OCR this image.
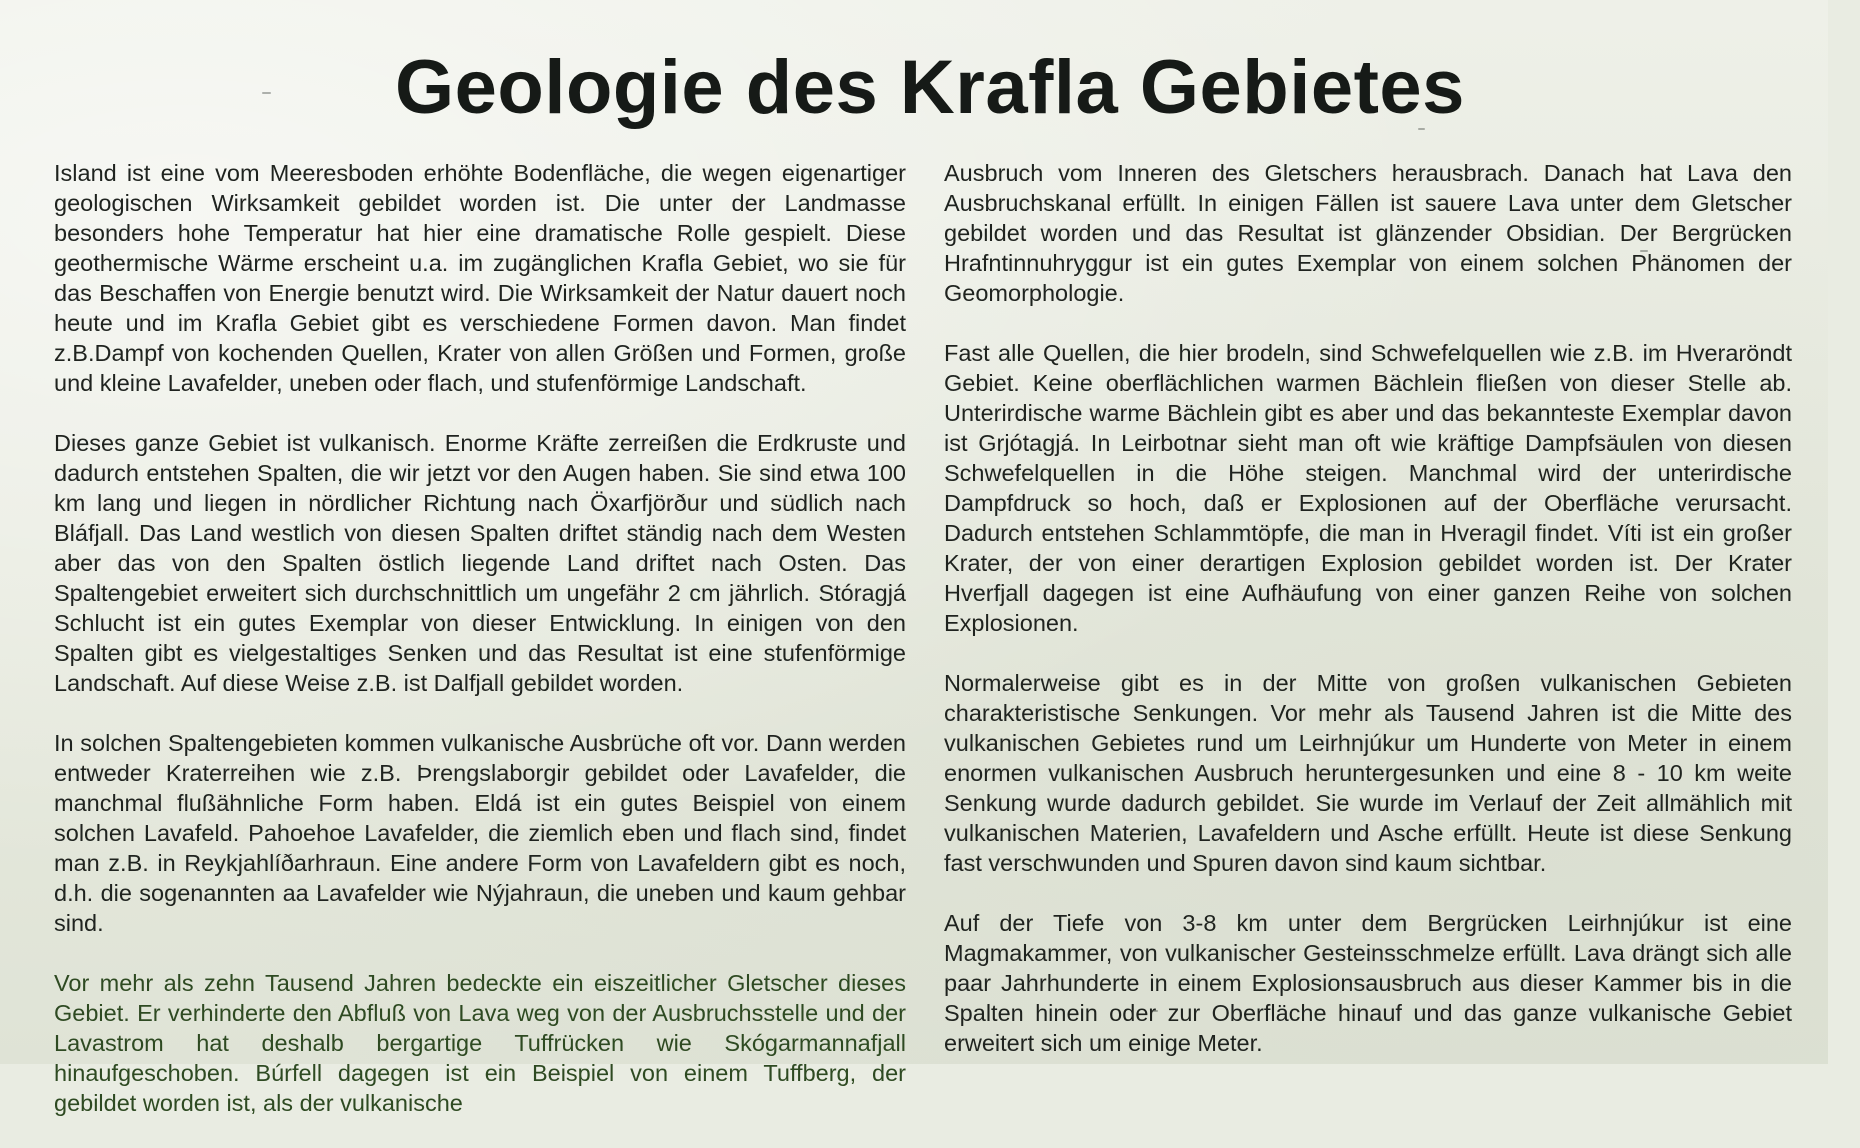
Geologie des Krafla Gebietes

Island ist eine vom Meeresboden erhöhte Bodenfläche, die wegen eigenartiger geologischen Wirksamkeit gebildet worden ist. Die unter der Landmasse besonders hohe Temperatur hat hier eine dramatische Rolle gespielt. Diese geothermische Wärme erscheint u.a. im zugänglichen Krafla Gebiet, wo sie für das Beschaffen von Energie benutzt wird. Die Wirksamkeit der Natur dauert noch heute und im Krafla Gebiet gibt es verschiedene Formen davon. Man findet z.B.Dampf von kochenden Quellen, Krater von allen Größen und Formen, große und kleine Lavafelder, uneben oder flach, und stufenförmige Landschaft.

Dieses ganze Gebiet ist vulkanisch. Enorme Kräfte zerreißen die Erdkruste und dadurch entstehen Spalten, die wir jetzt vor den Augen haben. Sie sind etwa 100 km lang und liegen in nördlicher Richtung nach Öxarfjörður und südlich nach Bláfjall. Das Land westlich von diesen Spalten driftet ständig nach dem Westen aber das von den Spalten östlich liegende Land driftet nach Osten. Das Spaltengebiet erweitert sich durchschnittlich um ungefähr 2 cm jährlich. Stóragjá Schlucht ist ein gutes Exemplar von dieser Entwicklung. In einigen von den Spalten gibt es vielgestaltiges Senken und das Resultat ist eine stufenförmige Landschaft. Auf diese Weise z.B. ist Dalfjall gebildet worden.

In solchen Spaltengebieten kommen vulkanische Ausbrüche oft vor. Dann werden entweder Kraterreihen wie z.B. Þrengslaborgir gebildet oder Lavafelder, die manchmal flußähnliche Form haben. Eldá ist ein gutes Beispiel von einem solchen Lavafeld. Pahoehoe Lavafelder, die ziemlich eben und flach sind, findet man z.B. in Reykjahlíðarhraun. Eine andere Form von Lavafeldern gibt es noch, d.h. die sogenannten aa Lavafelder wie Nýjahraun, die uneben und kaum gehbar sind.

Vor mehr als zehn Tausend Jahren bedeckte ein eiszeitlicher Gletscher dieses Gebiet. Er verhinderte den Abfluß von Lava weg von der Ausbruchsstelle und der Lavastrom hat deshalb bergartige Tuffrücken wie Skógarmannafjall hinaufgeschoben. Búrfell dagegen ist ein Beispiel von einem Tuffberg, der gebildet worden ist, als der vulkanische

Ausbruch vom Inneren des Gletschers herausbrach. Danach hat Lava den Ausbruchskanal erfüllt. In einigen Fällen ist sauere Lava unter dem Gletscher gebildet worden und das Resultat ist glänzender Obsidian. Der Bergrücken Hrafntinnuhryggur ist ein gutes Exemplar von einem solchen Phänomen der Geomorphologie.

Fast alle Quellen, die hier brodeln, sind Schwefelquellen wie z.B. im Hveraröndt Gebiet. Keine oberflächlichen warmen Bächlein fließen von dieser Stelle ab. Unterirdische warme Bächlein gibt es aber und das bekannteste Exemplar davon ist Grjótagjá. In Leirbotnar sieht man oft wie kräftige Dampfsäulen von diesen Schwefelquellen in die Höhe steigen. Manchmal wird der unterirdische Dampfdruck so hoch, daß er Explosionen auf der Oberfläche verursacht. Dadurch entstehen Schlammtöpfe, die man in Hveragil findet. Víti ist ein großer Krater, der von einer derartigen Explosion gebildet worden ist. Der Krater Hverfjall dagegen ist eine Aufhäufung von einer ganzen Reihe von solchen Explosionen.

Normalerweise gibt es in der Mitte von großen vulkanischen Gebieten charakteristische Senkungen. Vor mehr als Tausend Jahren ist die Mitte des vulkanischen Gebietes rund um Leirhnjúkur um Hunderte von Meter in einem enormen vulkanischen Ausbruch heruntergesunken und eine 8 - 10 km weite Senkung wurde dadurch gebildet. Sie wurde im Verlauf der Zeit allmählich mit vulkanischen Materien, Lavafeldern und Asche erfüllt. Heute ist diese Senkung fast verschwunden und Spuren davon sind kaum sichtbar.

Auf der Tiefe von 3-8 km unter dem Bergrücken Leirhnjúkur ist eine Magmakammer, von vulkanischer Gesteinsschmelze erfüllt. Lava drängt sich alle paar Jahrhunderte in einem Explosionsausbruch aus dieser Kammer bis in die Spalten hinein oder zur Oberfläche hinauf und das ganze vulkanische Gebiet erweitert sich um einige Meter.
